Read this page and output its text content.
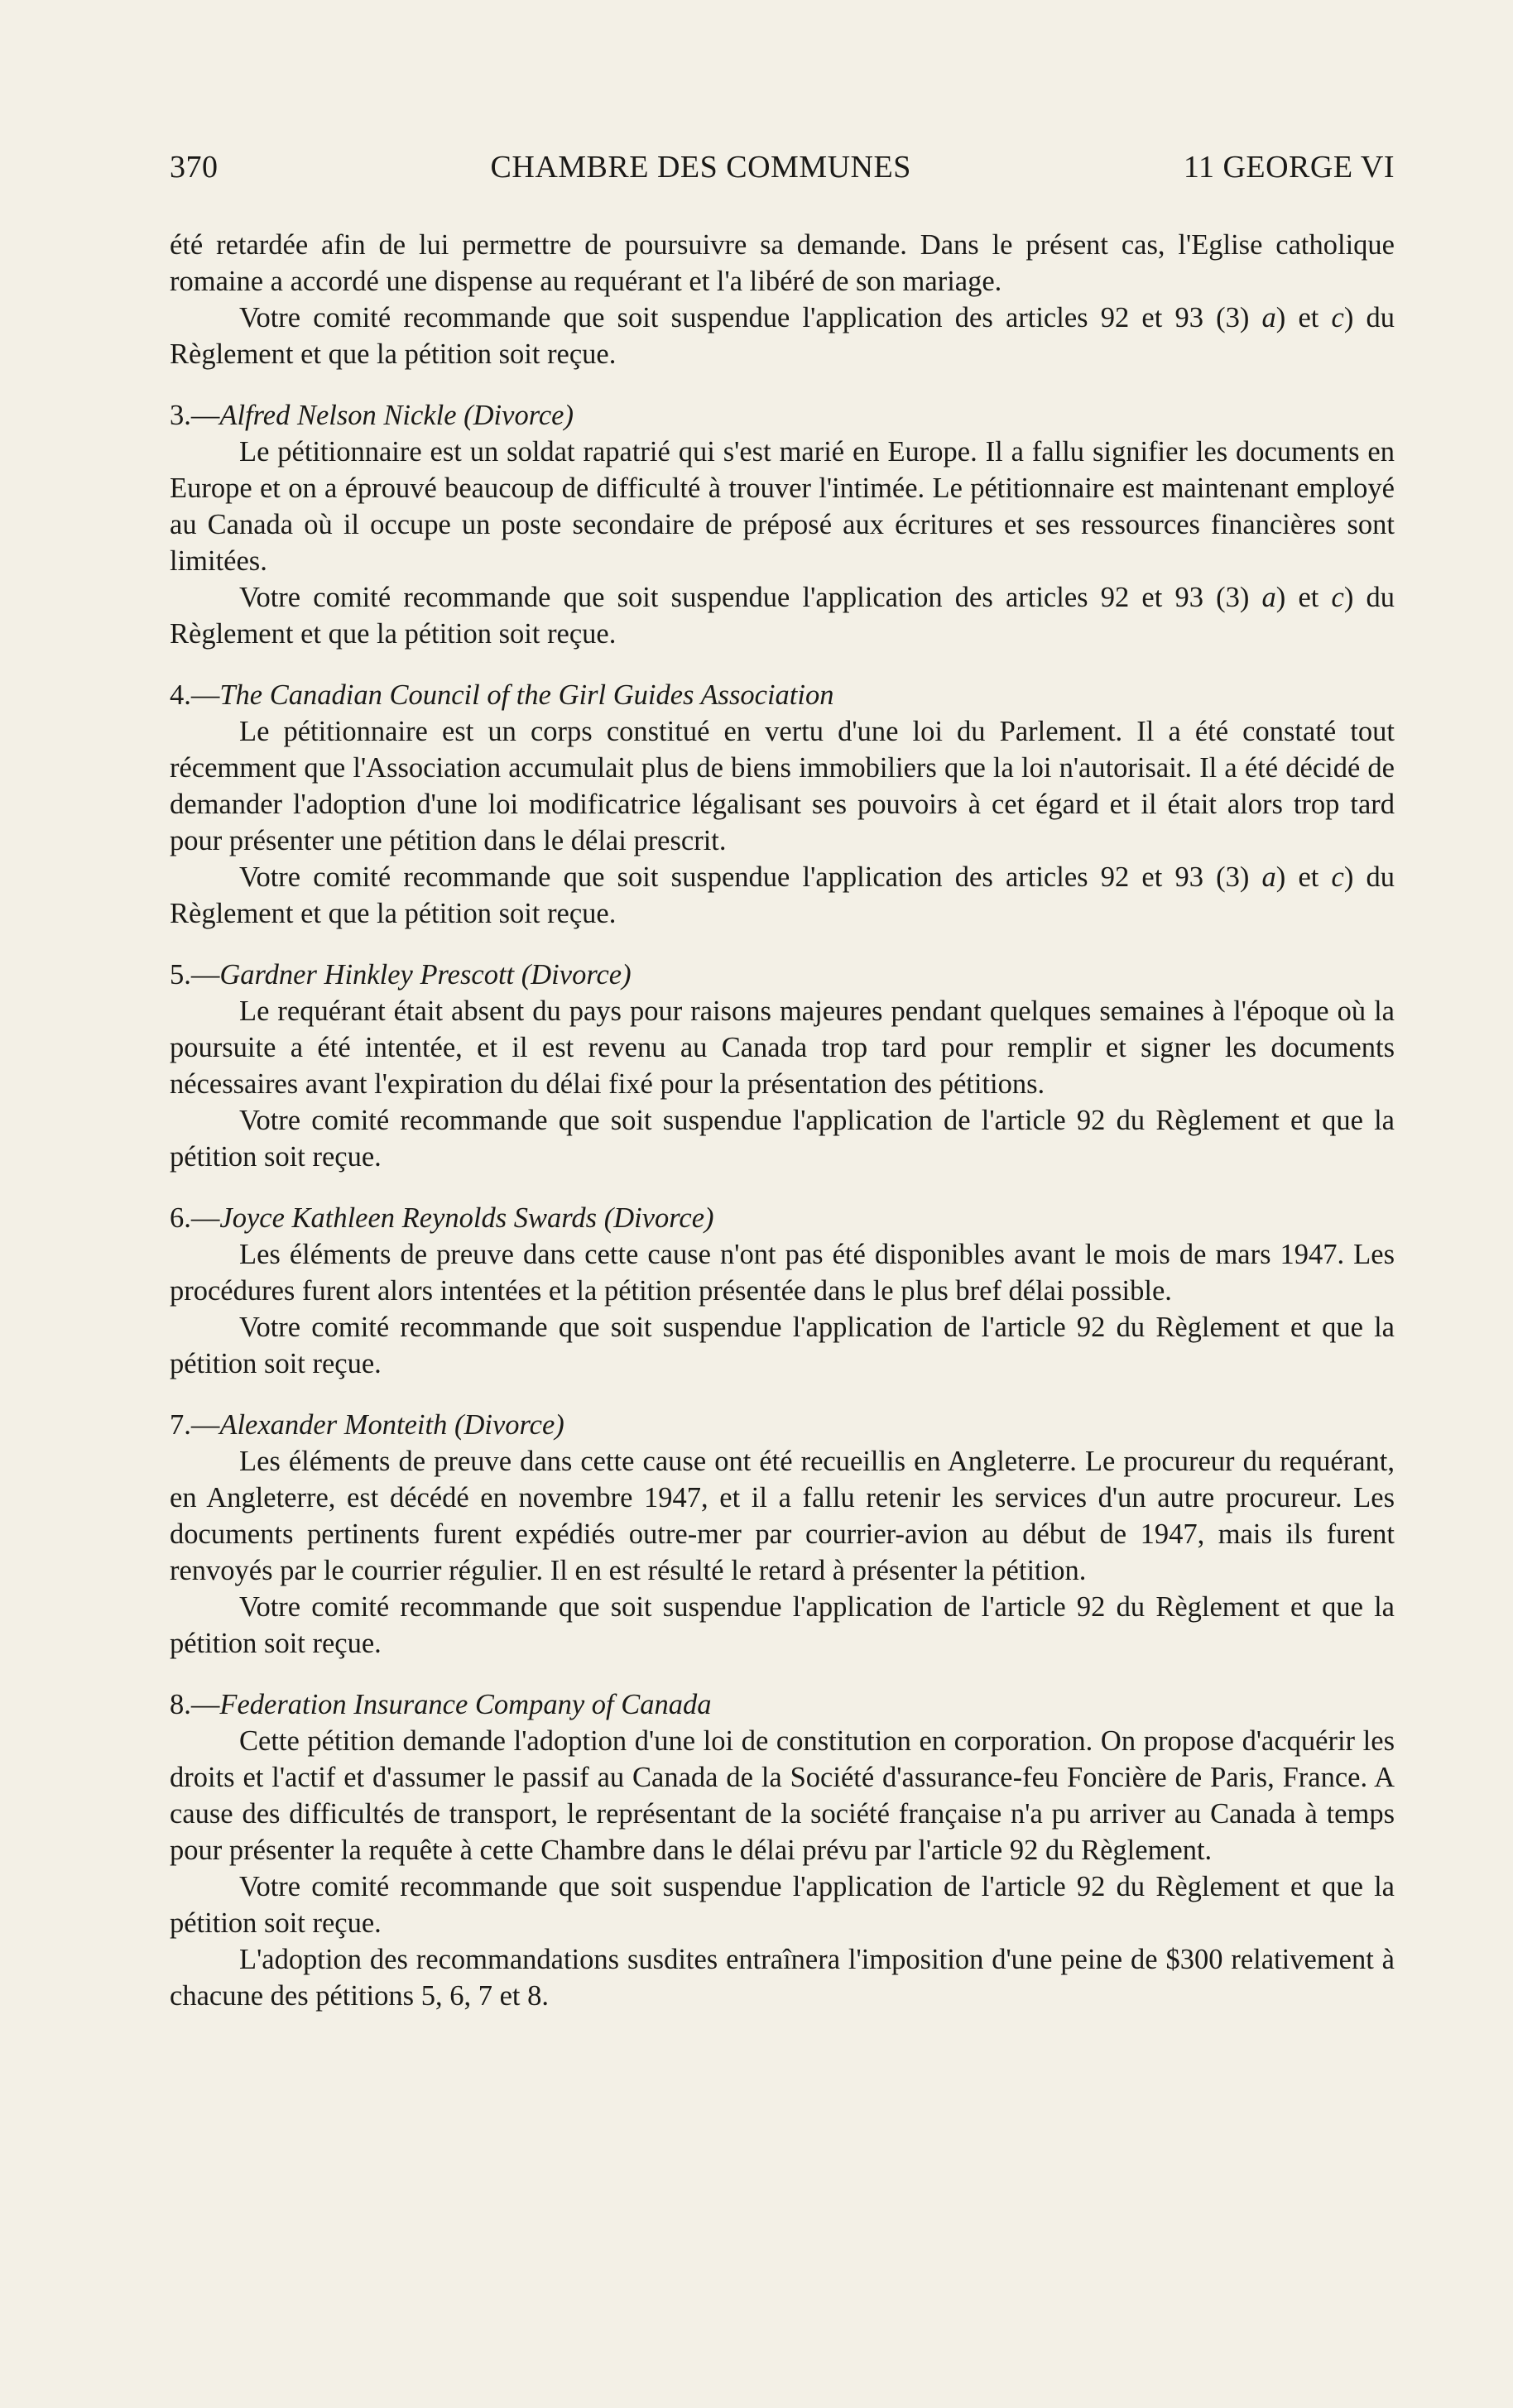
370	CHAMBRE DES COMMUNES	11 GEORGE VI

été retardée afin de lui permettre de poursuivre sa demande. Dans le présent cas, l'Eglise catholique romaine a accordé une dispense au requérant et l'a libéré de son mariage.

Votre comité recommande que soit suspendue l'application des articles 92 et 93 (3) a) et c) du Règlement et que la pétition soit reçue.

3.—Alfred Nelson Nickle (Divorce)

Le pétitionnaire est un soldat rapatrié qui s'est marié en Europe. Il a fallu signifier les documents en Europe et on a éprouvé beaucoup de difficulté à trouver l'intimée. Le pétitionnaire est maintenant employé au Canada où il occupe un poste secondaire de préposé aux écritures et ses ressources financières sont limitées.

Votre comité recommande que soit suspendue l'application des articles 92 et 93 (3) a) et c) du Règlement et que la pétition soit reçue.

4.—The Canadian Council of the Girl Guides Association

Le pétitionnaire est un corps constitué en vertu d'une loi du Parlement. Il a été constaté tout récemment que l'Association accumulait plus de biens immobiliers que la loi n'autorisait. Il a été décidé de demander l'adoption d'une loi modificatrice légalisant ses pouvoirs à cet égard et il était alors trop tard pour présenter une pétition dans le délai prescrit.

Votre comité recommande que soit suspendue l'application des articles 92 et 93 (3) a) et c) du Règlement et que la pétition soit reçue.

5.—Gardner Hinkley Prescott (Divorce)

Le requérant était absent du pays pour raisons majeures pendant quelques semaines à l'époque où la poursuite a été intentée, et il est revenu au Canada trop tard pour remplir et signer les documents nécessaires avant l'expiration du délai fixé pour la présentation des pétitions.

Votre comité recommande que soit suspendue l'application de l'article 92 du Règlement et que la pétition soit reçue.

6.—Joyce Kathleen Reynolds Swards (Divorce)

Les éléments de preuve dans cette cause n'ont pas été disponibles avant le mois de mars 1947. Les procédures furent alors intentées et la pétition présentée dans le plus bref délai possible.

Votre comité recommande que soit suspendue l'application de l'article 92 du Règlement et que la pétition soit reçue.

7.—Alexander Monteith (Divorce)

Les éléments de preuve dans cette cause ont été recueillis en Angleterre. Le procureur du requérant, en Angleterre, est décédé en novembre 1947, et il a fallu retenir les services d'un autre procureur. Les documents pertinents furent expédiés outre-mer par courrier-avion au début de 1947, mais ils furent renvoyés par le courrier régulier. Il en est résulté le retard à présenter la pétition.

Votre comité recommande que soit suspendue l'application de l'article 92 du Règlement et que la pétition soit reçue.

8.—Federation Insurance Company of Canada

Cette pétition demande l'adoption d'une loi de constitution en corporation. On propose d'acquérir les droits et l'actif et d'assumer le passif au Canada de la Société d'assurance-feu Foncière de Paris, France. A cause des difficultés de transport, le représentant de la société française n'a pu arriver au Canada à temps pour présenter la requête à cette Chambre dans le délai prévu par l'article 92 du Règlement.

Votre comité recommande que soit suspendue l'application de l'article 92 du Règlement et que la pétition soit reçue.

L'adoption des recommandations susdites entraînera l'imposition d'une peine de $300 relativement à chacune des pétitions 5, 6, 7 et 8.
